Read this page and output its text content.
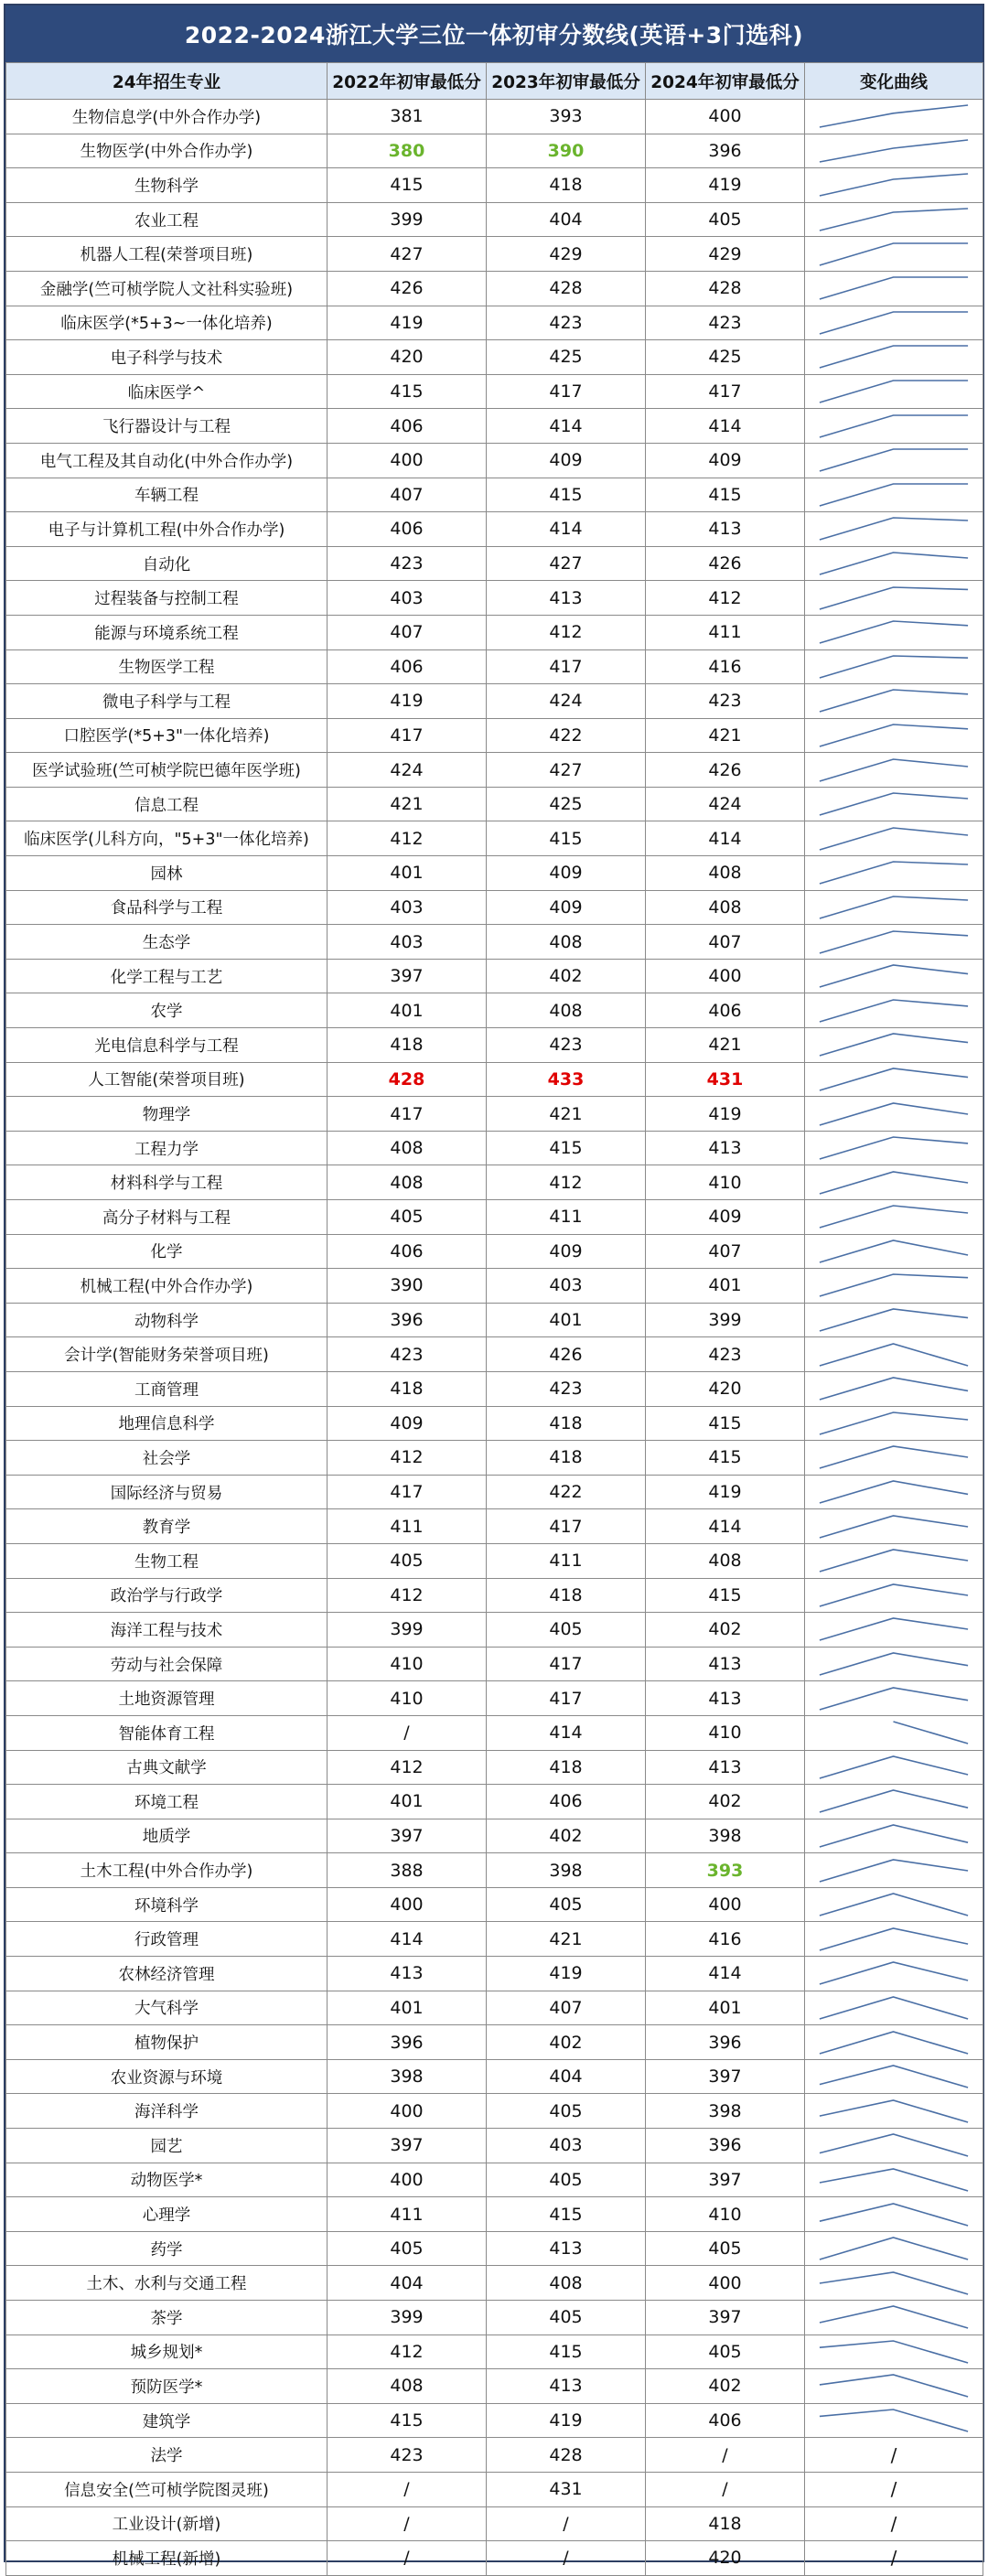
2022-2024浙江大学三位一体初审分数线(英语+3门选科)
24年招生专业	2022年初审最低分	2023年初审最低分	2024年初审最低分	变化曲线
生物信息学(中外合作办学)	381	393	400	

生物医学(中外合作办学)	380	390	396	

生物科学	415	418	419	

农业工程	399	404	405	

机器人工程(荣誉项目班)	427	429	429	

金融学(竺可桢学院人文社科实验班)	426	428	428	

临床医学(*5+3~一体化培养)	419	423	423	

电子科学与技术	420	425	425	

临床医学^	415	417	417	

飞行器设计与工程	406	414	414	

电气工程及其自动化(中外合作办学)	400	409	409	

车辆工程	407	415	415	

电子与计算机工程(中外合作办学)	406	414	413	

自动化	423	427	426	

过程装备与控制工程	403	413	412	

能源与环境系统工程	407	412	411	

生物医学工程	406	417	416	

微电子科学与工程	419	424	423	

口腔医学(*5+3"一体化培养)	417	422	421	

医学试验班(竺可桢学院巴德年医学班)	424	427	426	

信息工程	421	425	424	

临床医学(儿科方向，"5+3"一体化培养)	412	415	414	

园林	401	409	408	

食品科学与工程	403	409	408	

生态学	403	408	407	

化学工程与工艺	397	402	400	

农学	401	408	406	

光电信息科学与工程	418	423	421	

人工智能(荣誉项目班)	428	433	431	

物理学	417	421	419	

工程力学	408	415	413	

材料科学与工程	408	412	410	

高分子材料与工程	405	411	409	

化学	406	409	407	

机械工程(中外合作办学)	390	403	401	

动物科学	396	401	399	

会计学(智能财务荣誉项目班)	423	426	423	

工商管理	418	423	420	

地理信息科学	409	418	415	

社会学	412	418	415	

国际经济与贸易	417	422	419	

教育学	411	417	414	

生物工程	405	411	408	

政治学与行政学	412	418	415	

海洋工程与技术	399	405	402	

劳动与社会保障	410	417	413	

土地资源管理	410	417	413	

智能体育工程	/	414	410	

古典文献学	412	418	413	

环境工程	401	406	402	

地质学	397	402	398	

土木工程(中外合作办学)	388	398	393	

环境科学	400	405	400	

行政管理	414	421	416	

农林经济管理	413	419	414	

大气科学	401	407	401	

植物保护	396	402	396	

农业资源与环境	398	404	397	

海洋科学	400	405	398	

园艺	397	403	396	

动物医学*	400	405	397	

心理学	411	415	410	

药学	405	413	405	

土木、水利与交通工程	404	408	400	

茶学	399	405	397	

城乡规划*	412	415	405	

预防医学*	408	413	402	

建筑学	415	419	406	

法学	423	428	/	/
信息安全(竺可桢学院图灵班)	/	431	/	/
工业设计(新增)	/	/	418	/
机械工程(新增)	/	/	420	/
